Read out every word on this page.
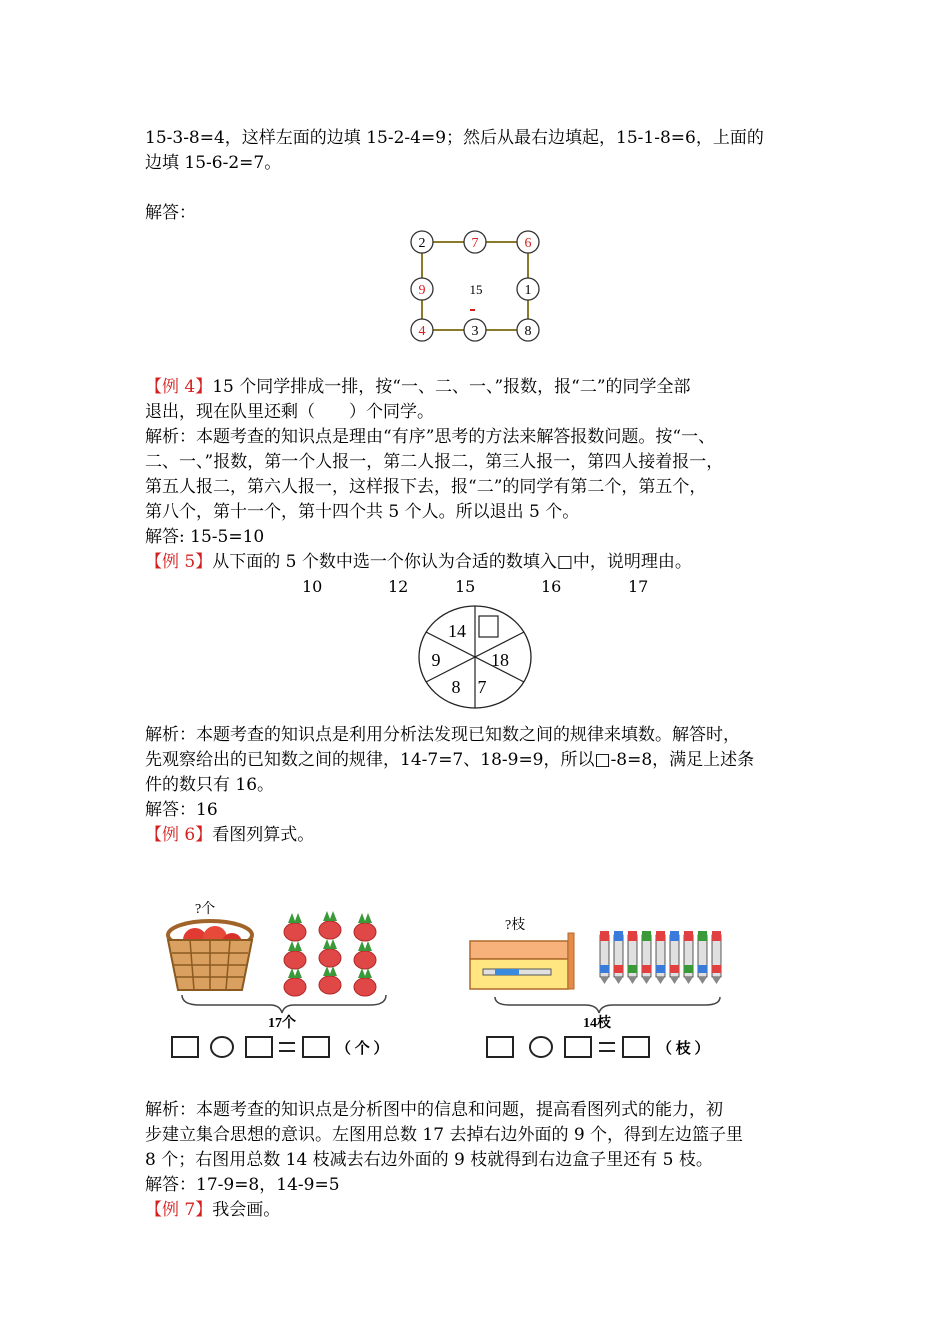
15-3-8=4，这样左面的边填 15-2-4=9；然后从最右边填起，15-1-8=6，上面的

边填 15-6-2=7。

解答：

2	7	6
9	1
4	3	8
15

【例 4】15 个同学排成一排，按“一、二、一、”报数，报“二”的同学全部

退出，现在队里还剩（　　）个同学。

解析：本题考查的知识点是理由“有序”思考的方法来解答报数问题。按“一、

二、一、”报数，第一个人报一，第二人报二，第三人报一，第四人接着报一，

第五人报二，第六人报一，这样报下去，报“二”的同学有第二个，第五个，

第八个，第十一个，第十四个共 5 个人。所以退出 5 个。

解答: 15-5=10

【例 5】从下面的 5 个数中选一个你认为合适的数填入□中，说明理由。

10	12	15	16	17
14
9
8 7
18

解析：本题考查的知识点是利用分析法发现已知数之间的规律来填数。解答时，

先观察给出的已知数之间的规律，14-7=7、18-9=9，所以□-8=8，满足上述条

件的数只有 16。

解答：16

【例 6】看图列算式。

?个
17个
（ 个 ）
?枝
14枝
（ 枝 ）

解析：本题考查的知识点是分析图中的信息和问题，提高看图列式的能力，初

步建立集合思想的意识。左图用总数 17 去掉右边外面的 9 个，得到左边篮子里

8 个；右图用总数 14 枝减去右边外面的 9 枝就得到右边盒子里还有 5 枝。

解答：17-9=8，14-9=5

【例 7】我会画。
